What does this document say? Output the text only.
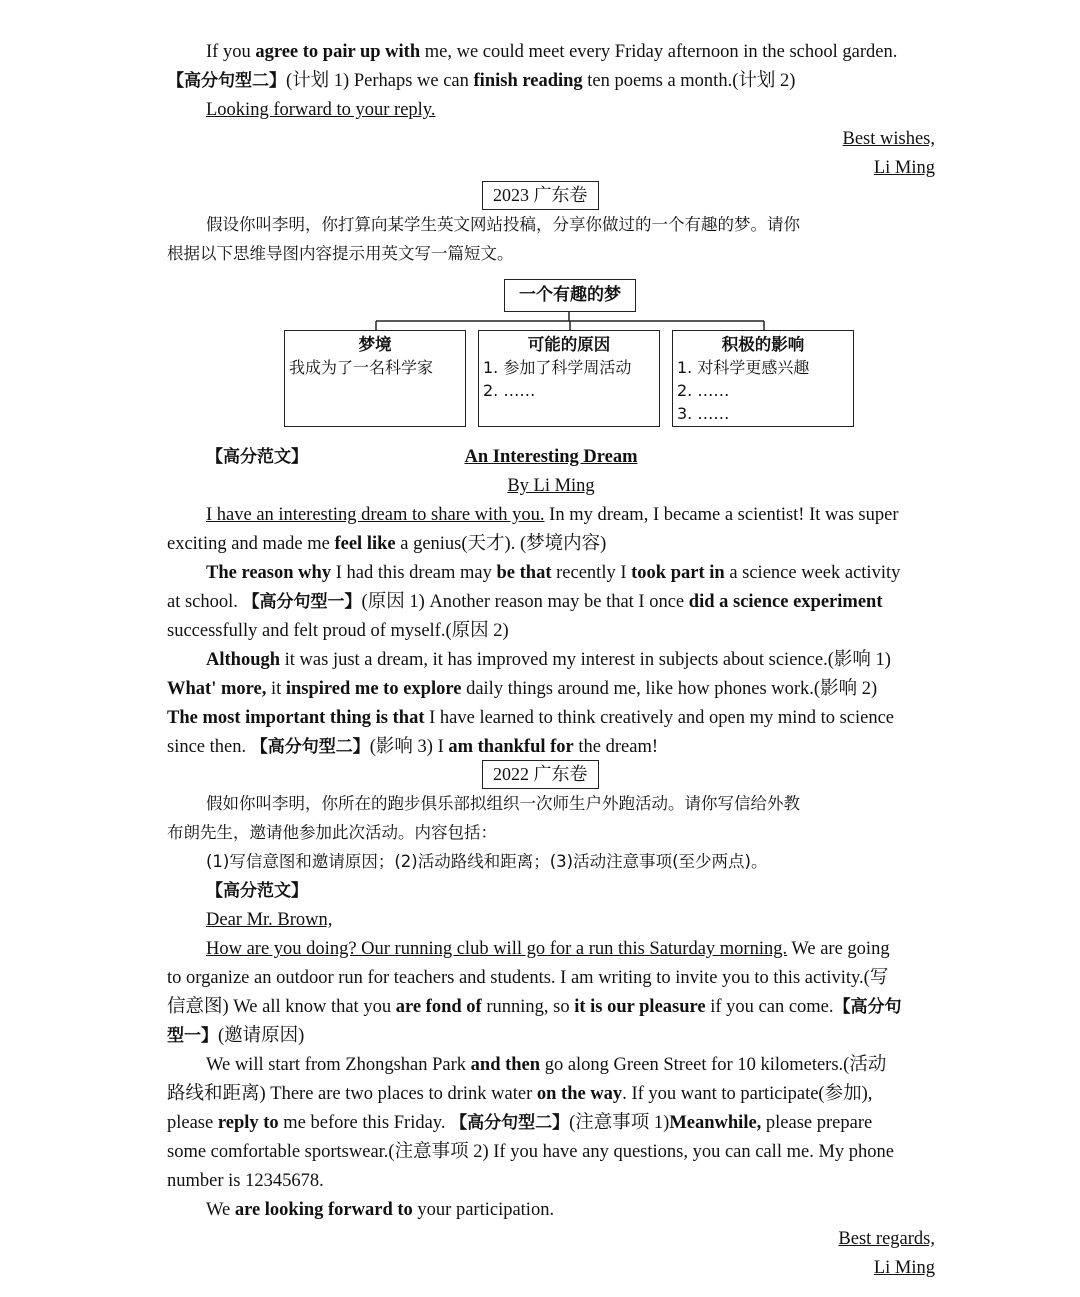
If you agree to pair up with me, we could meet every Friday afternoon in the school garden.
【高分句型二】(计划 1) Perhaps we can finish reading ten poems a month.(计划 2)
Looking forward to your reply.
Best wishes,
Li Ming
2023 广东卷
假设你叫李明，你打算向某学生英文网站投稿，分享你做过的一个有趣的梦。请你
根据以下思维导图内容提示用英文写一篇短文。
一个有趣的梦
梦境
我成为了一名科学家
可能的原因
1. 参加了科学周活动
2. ……
积极的影响
1. 对科学更感兴趣
2. ……
3. ……
【高分范文】	An Interesting Dream
By Li Ming
I have an interesting dream to share with you. In my dream, I became a scientist! It was super
exciting and made me feel like a genius(天才). (梦境内容)
The reason why I had this dream may be that recently I took part in a science week activity
at school. 【高分句型一】(原因 1) Another reason may be that I once did a science experiment
successfully and felt proud of myself.(原因 2)
Although it was just a dream, it has improved my interest in subjects about science.(影响 1)
What' more, it inspired me to explore daily things around me, like how phones work.(影响 2)
The most important thing is that I have learned to think creatively and open my mind to science
since then. 【高分句型二】(影响 3) I am thankful for the dream!
2022 广东卷
假如你叫李明，你所在的跑步俱乐部拟组织一次师生户外跑活动。请你写信给外教
布朗先生，邀请他参加此次活动。内容包括：
(1)写信意图和邀请原因；(2)活动路线和距离；(3)活动注意事项(至少两点)。
【高分范文】
Dear Mr. Brown,
How are you doing? Our running club will go for a run this Saturday morning. We are going
to organize an outdoor run for teachers and students. I am writing to invite you to this activity.(写
信意图) We all know that you are fond of running, so it is our pleasure if you can come.【高分句
型一】(邀请原因)
We will start from Zhongshan Park and then go along Green Street for 10 kilometers.(活动
路线和距离) There are two places to drink water on the way. If you want to participate(参加),
please reply to me before this Friday. 【高分句型二】(注意事项 1)Meanwhile, please prepare
some comfortable sportswear.(注意事项 2) If you have any questions, you can call me. My phone
number is 12345678.
We are looking forward to your participation.
Best regards,
Li Ming
